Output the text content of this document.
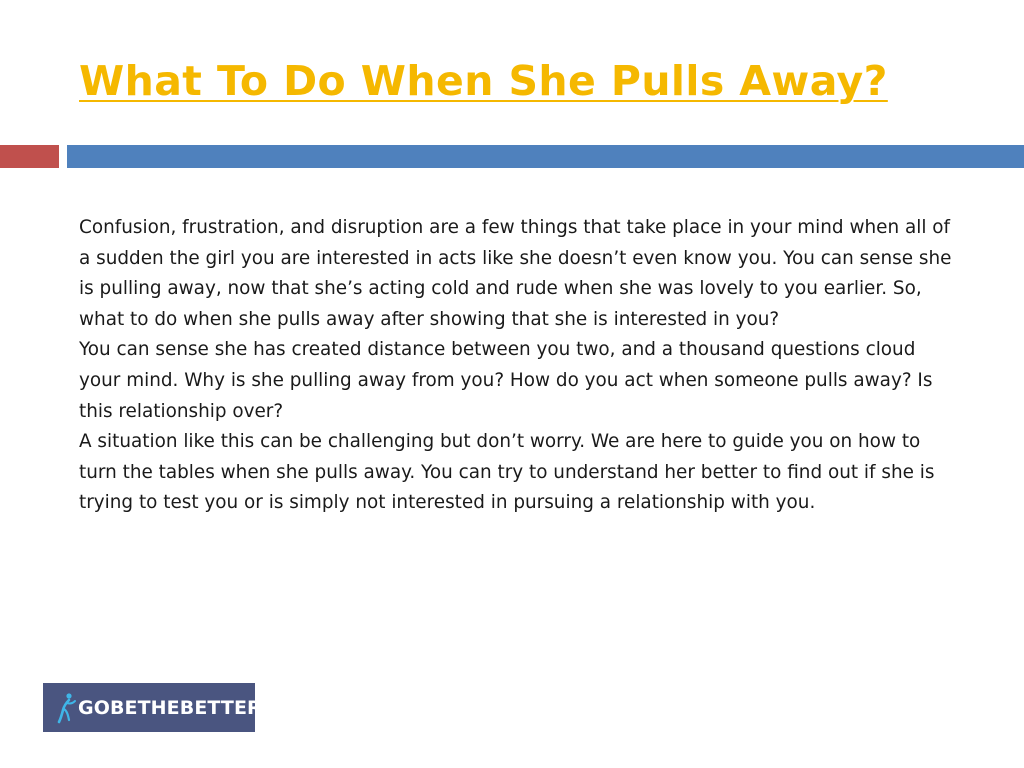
What To Do When She Pulls Away?

Confusion, frustration, and disruption are a few things that take place in your mind when all of a sudden the girl you are interested in acts like she doesn’t even know you. You can sense she is pulling away, now that she’s acting cold and rude when she was lovely to you earlier. So, what to do when she pulls away after showing that she is interested in you?

You can sense she has created distance between you two, and a thousand questions cloud your mind. Why is she pulling away from you? How do you act when someone pulls away? Is this relationship over?

A situation like this can be challenging but don’t worry. We are here to guide you on how to turn the tables when she pulls away. You can try to understand her better to find out if she is trying to test you or is simply not interested in pursuing a relationship with you.

GOBETHEBETTER
